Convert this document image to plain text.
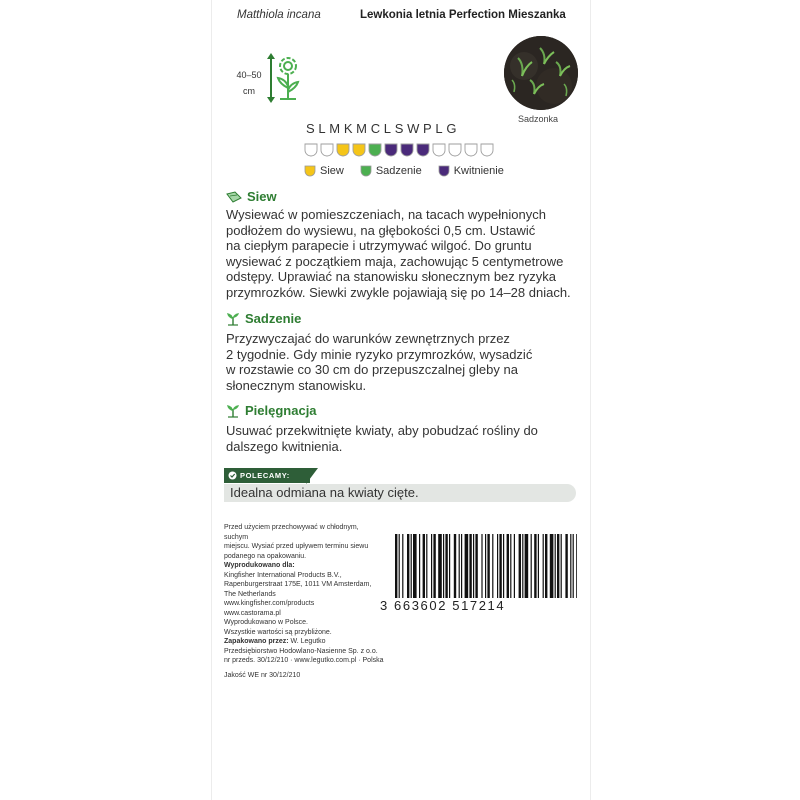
Matthiola incana	Lewkonia letnia Perfection Mieszanka
40–50
cm
Sadzonka
S L M K M C L S W P L G
Siew	Sadzenie	Kwitnienie
Siew
Wysiewać w pomieszczeniach, na tacach wypełnionych
podłożem do wysiewu, na głębokości 0,5 cm. Ustawić
na ciepłym parapecie i utrzymywać wilgoć. Do gruntu
wysiewać z początkiem maja, zachowując 5 centymetrowe
odstępy. Uprawiać na stanowisku słonecznym bez ryzyka
przymrozków. Siewki zwykle pojawiają się po 14–28 dniach.
Sadzenie
Przyzwyczajać do warunków zewnętrznych przez
2 tygodnie. Gdy minie ryzyko przymrozków, wysadzić
w rozstawie co 30 cm do przepuszczalnej gleby na
słonecznym stanowisku.
Pielęgnacja
Usuwać przekwitnięte kwiaty, aby pobudzać rośliny do
dalszego kwitnienia.
POLECAMY:
Idealna odmiana na kwiaty cięte.
Przed użyciem przechowywać w chłodnym, suchym
miejscu. Wysiać przed upływem terminu siewu
podanego na opakowaniu.
Wyprodukowano dla:
Kingfisher International Products B.V.,
Rapenburgerstraat 175E, 1011 VM Amsterdam,
The Netherlands
www.kingfisher.com/products
www.castorama.pl
Wyprodukowano w Polsce.
Wszystkie wartości są przybliżone.
Zapakowano przez: W. Legutko
Przedsiębiorstwo Hodowlano-Nasienne Sp. z o.o.
nr przeds. 30/12/210 · www.legutko.com.pl · Polska
Jakość WE nr 30/12/210
3 663602 517214
